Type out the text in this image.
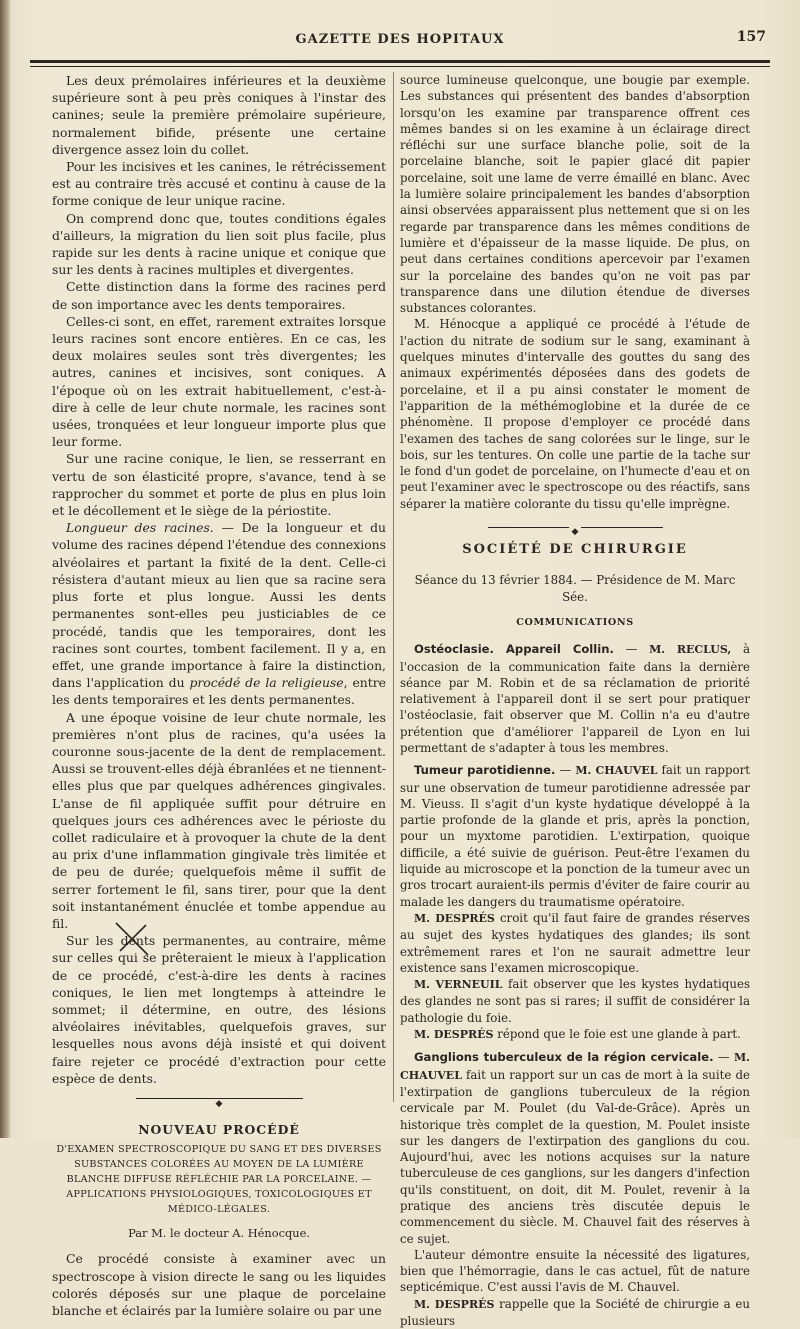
GAZETTE DES HOPITAUX	157

Les deux prémolaires inférieures et la deuxième supérieure sont à peu près coniques à l'instar des canines; seule la première prémolaire supérieure, normalement bifide, présente une certaine divergence assez loin du collet.

Pour les incisives et les canines, le rétrécissement est au contraire très accusé et continu à cause de la forme conique de leur unique racine.

On comprend donc que, toutes conditions égales d'ailleurs, la migration du lien soit plus facile, plus rapide sur les dents à racine unique et conique que sur les dents à racines multiples et divergentes.

Cette distinction dans la forme des racines perd de son importance avec les dents temporaires.

Celles-ci sont, en effet, rarement extraites lorsque leurs racines sont encore entières. En ce cas, les deux molaires seules sont très divergentes; les autres, canines et incisives, sont coniques. A l'époque où on les extrait habituellement, c'est-à-dire à celle de leur chute normale, les racines sont usées, tronquées et leur longueur importe plus que leur forme.

Sur une racine conique, le lien, se resserrant en vertu de son élasticité propre, s'avance, tend à se rapprocher du sommet et porte de plus en plus loin et le décollement et le siège de la périostite.

Longueur des racines. — De la longueur et du volume des racines dépend l'étendue des connexions alvéolaires et partant la fixité de la dent. Celle-ci résistera d'autant mieux au lien que sa racine sera plus forte et plus longue. Aussi les dents permanentes sont-elles peu justiciables de ce procédé, tandis que les temporaires, dont les racines sont courtes, tombent facilement. Il y a, en effet, une grande importance à faire la distinction, dans l'application du procédé de la religieuse, entre les dents temporaires et les dents permanentes.

A une époque voisine de leur chute normale, les premières n'ont plus de racines, qu'a usées la couronne sous-jacente de la dent de remplacement. Aussi se trouvent-elles déjà ébranlées et ne tiennent-elles plus que par quelques adhérences gingivales. L'anse de fil appliquée suffit pour détruire en quelques jours ces adhérences avec le périoste du collet radiculaire et à provoquer la chute de la dent au prix d'une inflammation gingivale très limitée et de peu de durée; quelquefois même il suffit de serrer fortement le fil, sans tirer, pour que la dent soit instantanément énuclée et tombe appendue au fil.

Sur les dents permanentes, au contraire, même sur celles qui se prêteraient le mieux à l'application de ce procédé, c'est-à-dire les dents à racines coniques, le lien met longtemps à atteindre le sommet; il détermine, en outre, des lésions alvéolaires inévitables, quelquefois graves, sur lesquelles nous avons déjà insisté et qui doivent faire rejeter ce procédé d'extraction pour cette espèce de dents.

◆
NOUVEAU PROCÉDÉ
D'EXAMEN SPECTROSCOPIQUE DU SANG ET DES DIVERSES SUBSTANCES COLORÉES AU MOYEN DE LA LUMIÈRE BLANCHE DIFFUSE RÉFLÉCHIE PAR LA PORCELAINE. — APPLICATIONS PHYSIOLOGIQUES, TOXICOLOGIQUES ET MÉDICO-LÉGALES.
Par M. le docteur A. Hénocque.

Ce procédé consiste à examiner avec un spectroscope à vision directe le sang ou les liquides colorés déposés sur une plaque de porcelaine blanche et éclairés par la lumière solaire ou par une

source lumineuse quelconque, une bougie par exemple. Les substances qui présentent des bandes d'absorption lorsqu'on les examine par transparence offrent ces mêmes bandes si on les examine à un éclairage direct réfléchi sur une surface blanche polie, soit de la porcelaine blanche, soit le papier glacé dit papier porcelaine, soit une lame de verre émaillé en blanc. Avec la lumière solaire principalement les bandes d'absorption ainsi observées apparaissent plus nettement que si on les regarde par transparence dans les mêmes conditions de lumière et d'épaisseur de la masse liquide. De plus, on peut dans certaines conditions apercevoir par l'examen sur la porcelaine des bandes qu'on ne voit pas par transparence dans une dilution étendue de diverses substances colorantes.

M. Hénocque a appliqué ce procédé à l'étude de l'action du nitrate de sodium sur le sang, examinant à quelques minutes d'intervalle des gouttes du sang des animaux expérimentés déposées dans des godets de porcelaine, et il a pu ainsi constater le moment de l'apparition de la méthémoglobine et la durée de ce phénomène. Il propose d'employer ce procédé dans l'examen des taches de sang colorées sur le linge, sur le bois, sur les tentures. On colle une partie de la tache sur le fond d'un godet de porcelaine, on l'humecte d'eau et on peut l'examiner avec le spectroscope ou des réactifs, sans séparer la matière colorante du tissu qu'elle imprègne.

◆
SOCIÉTÉ DE CHIRURGIE
Séance du 13 février 1884. — Présidence de M. Marc Sée.
COMMUNICATIONS

Ostéoclasie. Appareil Collin. — M. RECLUS, à l'occasion de la communication faite dans la dernière séance par M. Robin et de sa réclamation de priorité relativement à l'appareil dont il se sert pour pratiquer l'ostéoclasie, fait observer que M. Collin n'a eu d'autre prétention que d'améliorer l'appareil de Lyon en lui permettant de s'adapter à tous les membres.

Tumeur parotidienne. — M. CHAUVEL fait un rapport sur une observation de tumeur parotidienne adressée par M. Vieuss. Il s'agit d'un kyste hydatique développé à la partie profonde de la glande et pris, après la ponction, pour un myxtome parotidien. L'extirpation, quoique difficile, a été suivie de guérison. Peut-être l'examen du liquide au microscope et la ponction de la tumeur avec un gros trocart auraient-ils permis d'éviter de faire courir au malade les dangers du traumatisme opératoire.

M. DESPRÉS croit qu'il faut faire de grandes réserves au sujet des kystes hydatiques des glandes; ils sont extrêmement rares et l'on ne saurait admettre leur existence sans l'examen microscopique.

M. VERNEUIL fait observer que les kystes hydatiques des glandes ne sont pas si rares; il suffit de considérer la pathologie du foie.

M. DESPRÉS répond que le foie est une glande à part.

Ganglions tuberculeux de la région cervicale. — M. CHAUVEL fait un rapport sur un cas de mort à la suite de l'extirpation de ganglions tuberculeux de la région cervicale par M. Poulet (du Val-de-Grâce). Après un historique très complet de la question, M. Poulet insiste sur les dangers de l'extirpation des ganglions du cou. Aujourd'hui, avec les notions acquises sur la nature tuberculeuse de ces ganglions, sur les dangers d'infection qu'ils constituent, on doit, dit M. Poulet, revenir à la pratique des anciens très discutée depuis le commencement du siècle. M. Chauvel fait des réserves à ce sujet.

L'auteur démontre ensuite la nécessité des ligatures, bien que l'hémorragie, dans le cas actuel, fût de nature septicémique. C'est aussi l'avis de M. Chauvel.

M. DESPRÉS rappelle que la Société de chirurgie a eu plusieurs
